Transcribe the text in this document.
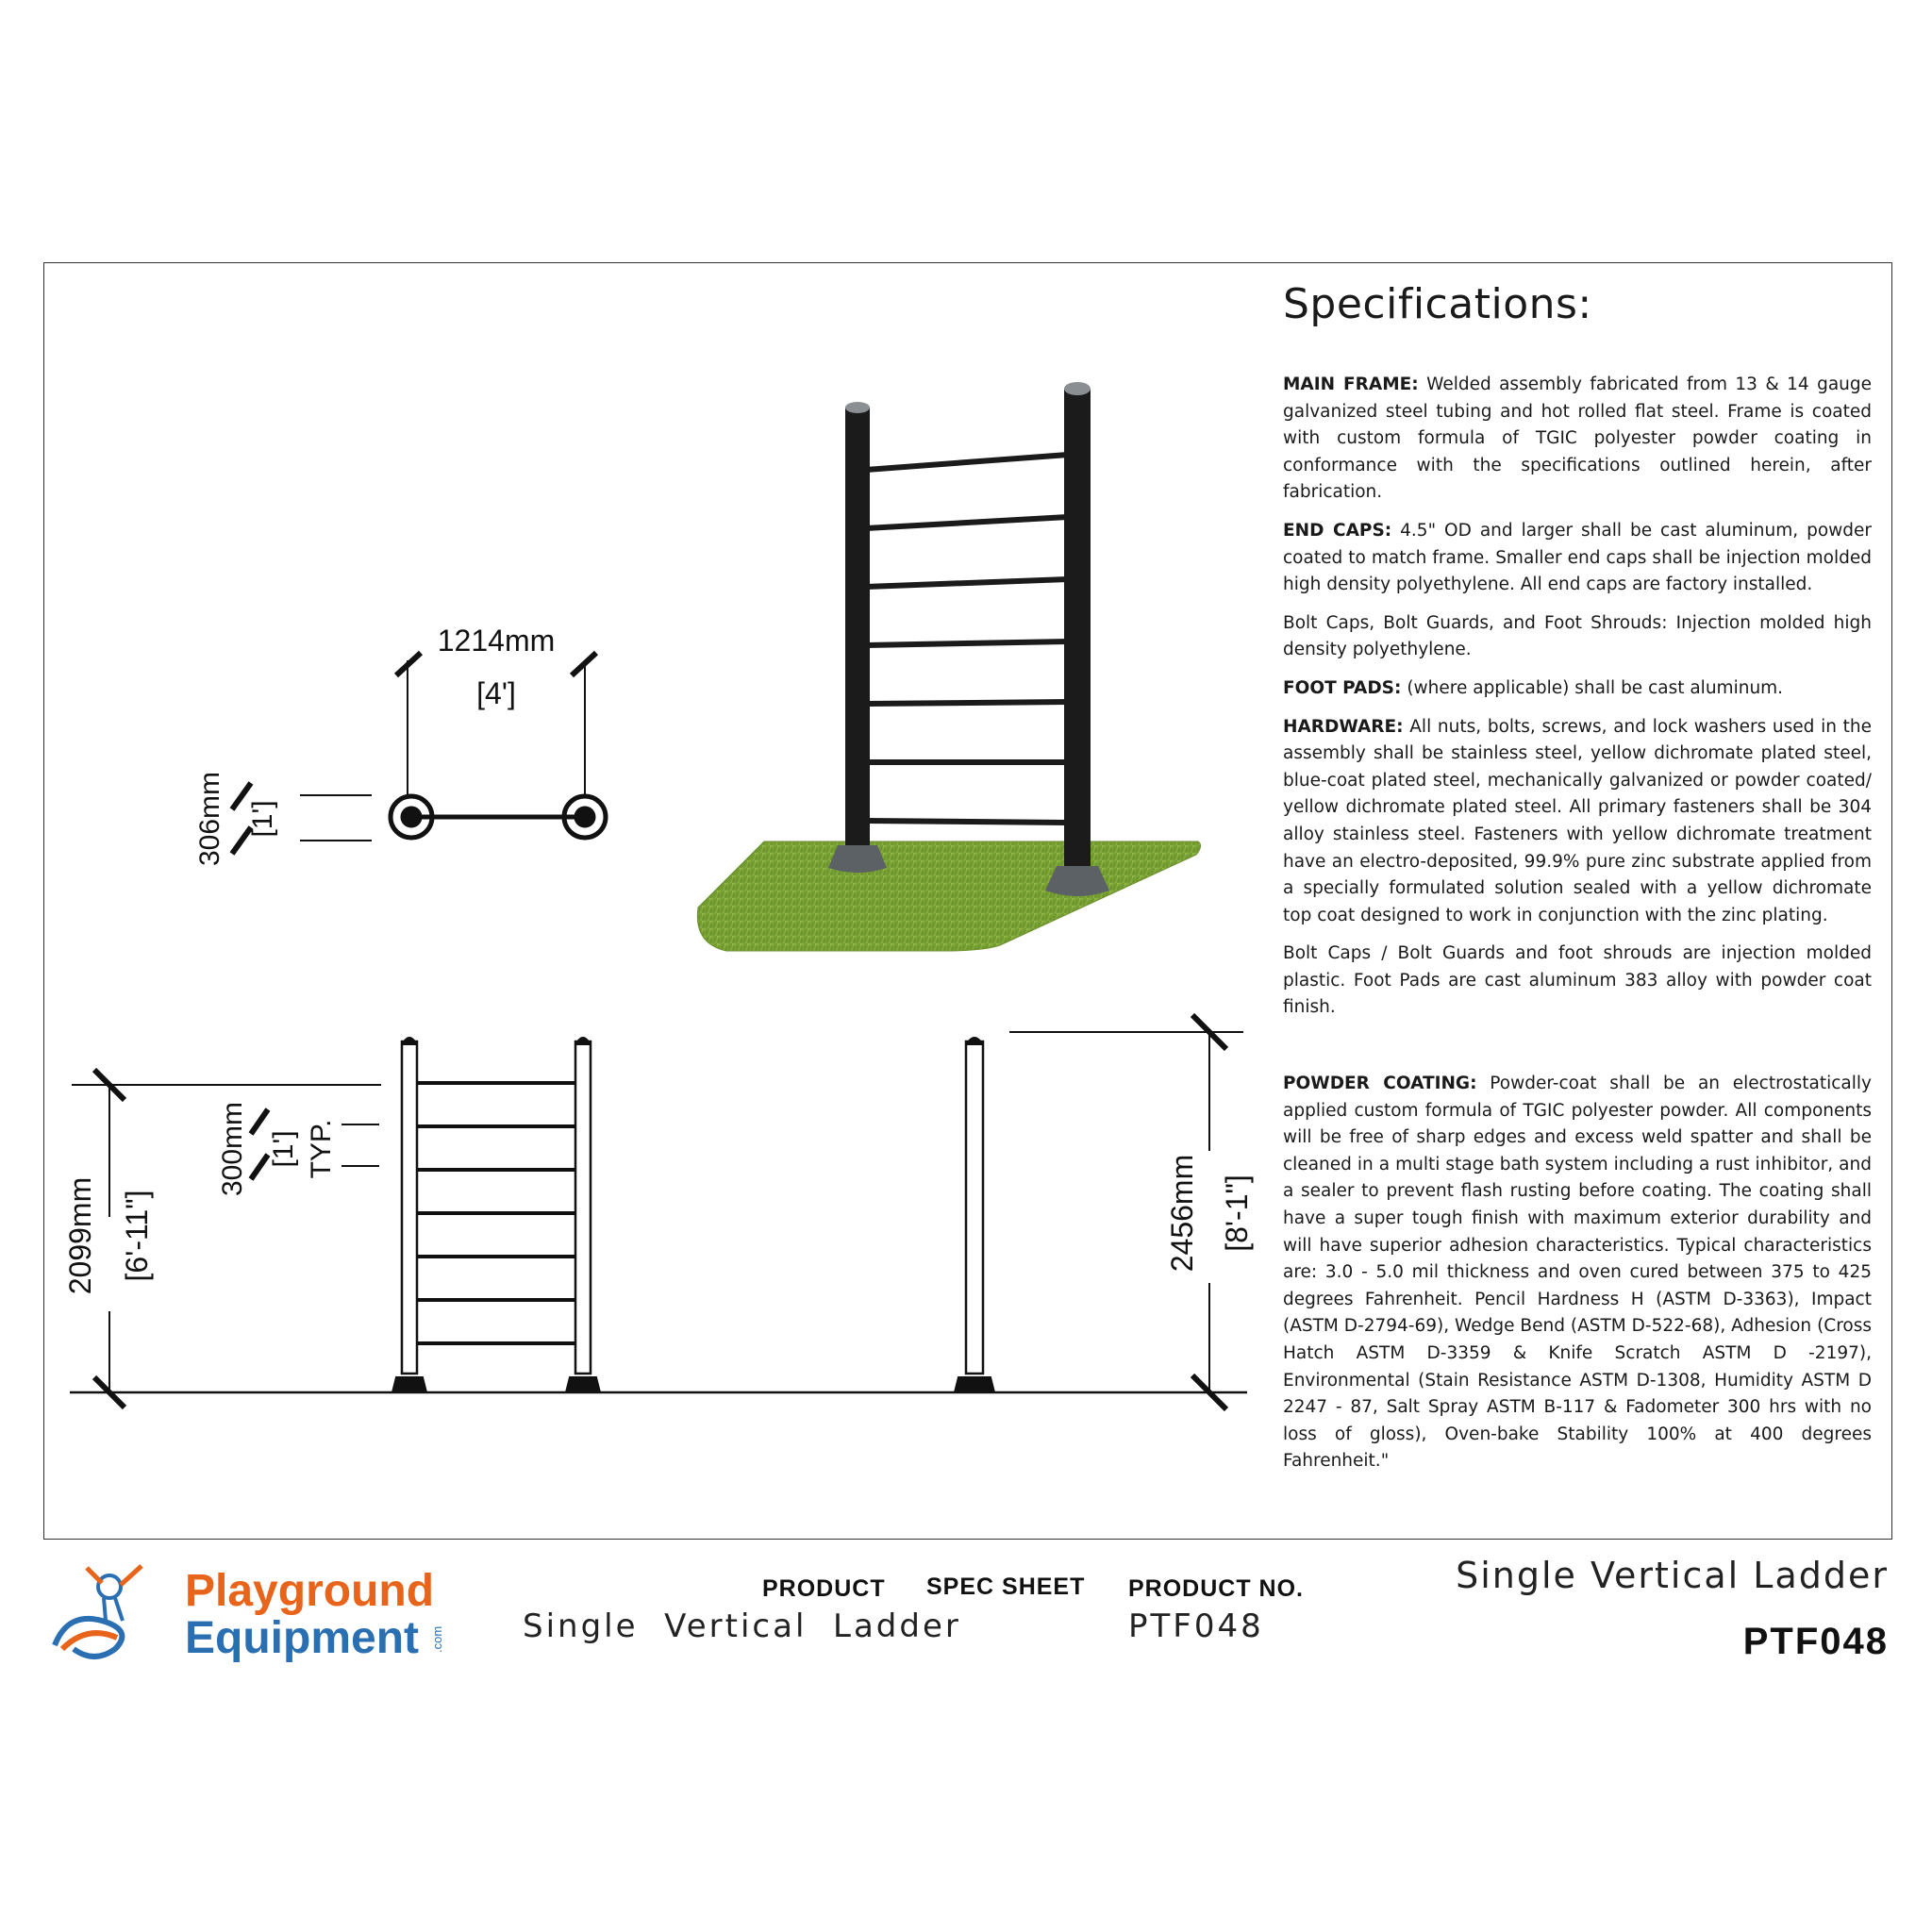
1214mm
[4']
306mm [1']
2099mm [6'-11"]
300mm [1'] TYP.
2456mm [8'-1"]
Specifications:

MAIN FRAME: Welded assembly fabricated from 13 & 14 gauge galvanized steel tubing and hot rolled flat steel. Frame is coated with custom formula of TGIC polyester powder coating in conformance with the specifications outlined herein, after fabrication.

END CAPS: 4.5" OD and larger shall be cast aluminum, powder coated to match frame. Smaller end caps shall be injection molded high density polyethylene. All end caps are factory installed.

Bolt Caps, Bolt Guards, and Foot Shrouds: Injection molded high density polyethylene.

FOOT PADS: (where applicable) shall be cast aluminum.

HARDWARE: All nuts, bolts, screws, and lock washers used in the assembly shall be stainless steel, yellow dichromate plated steel, blue-coat plated steel, mechanically galvanized or powder coated/ yellow dichromate plated steel. All primary fasteners shall be 304 alloy stainless steel. Fasteners with yellow dichromate treatment have an electro-deposited, 99.9% pure zinc substrate applied from a specially formulated solution sealed with a yellow dichromate top coat designed to work in conjunction with the zinc plating.

Bolt Caps / Bolt Guards and foot shrouds are injection molded plastic. Foot Pads are cast aluminum 383 alloy with powder coat finish.

POWDER COATING: Powder-coat shall be an electrostatically applied custom formula of TGIC polyester powder. All components will be free of sharp edges and excess weld spatter and shall be cleaned in a multi stage bath system including a rust inhibitor, and a sealer to prevent flash rusting before coating. The coating shall have a super tough finish with maximum exterior durability and will have superior adhesion characteristics. Typical characteristics are: 3.0 - 5.0 mil thickness and oven cured between 375 to 425 degrees Fahrenheit. Pencil Hardness H (ASTM D-3363), Impact (ASTM D-2794-69), Wedge Bend (ASTM D-522-68), Adhesion (Cross Hatch ASTM D-3359 & Knife Scratch ASTM D -2197), Environmental (Stain Resistance ASTM D-1308, Humidity ASTM D 2247 - 87, Salt Spray ASTM B-117 & Fadometer 300 hrs with no loss of gloss), Oven-bake Stability 100% at 400 degrees Fahrenheit."

Playground
Equipment .com
PRODUCT SPEC SHEET PRODUCT NO.
Single  Vertical  Ladder	PTF048
Single Vertical Ladder
PTF048
